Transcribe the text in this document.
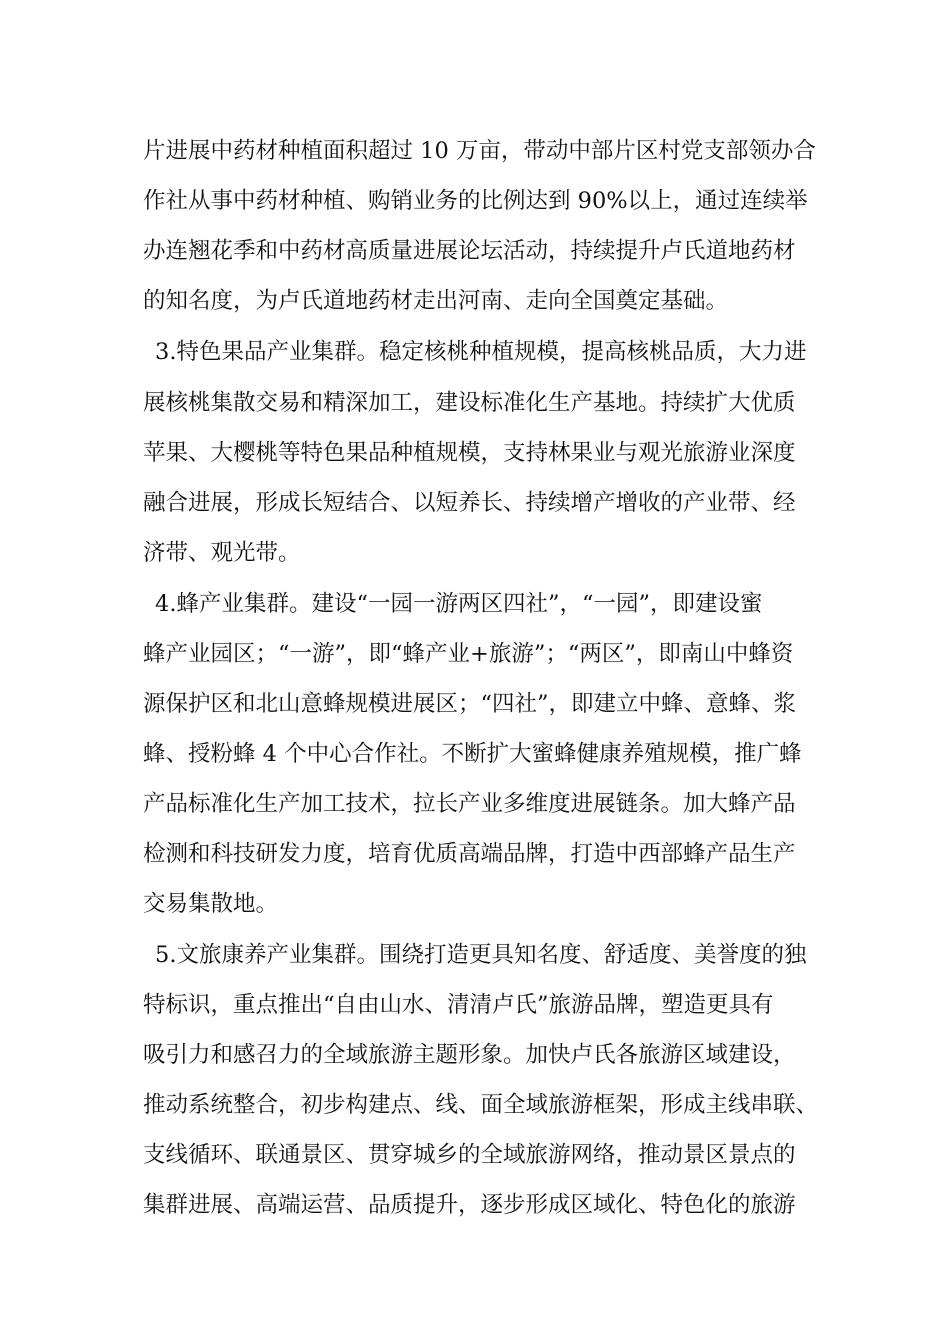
片进展中药材种植面积超过 10 万亩，带动中部片区村党支部领办合
作社从事中药材种植、购销业务的比例达到 90%以上，通过连续举
办连翘花季和中药材高质量进展论坛活动，持续提升卢氏道地药材
的知名度，为卢氏道地药材走出河南、走向全国奠定基础。
3.特色果品产业集群。稳定核桃种植规模，提高核桃品质，大力进
展核桃集散交易和精深加工，建设标准化生产基地。持续扩大优质
苹果、大樱桃等特色果品种植规模，支持林果业与观光旅游业深度
融合进展，形成长短结合、以短养长、持续增产增收的产业带、经
济带、观光带。
4.蜂产业集群。建设“一园一游两区四社”，“一园”，即建设蜜
蜂产业园区；“一游”，即“蜂产业+旅游”；“两区”，即南山中蜂资
源保护区和北山意蜂规模进展区；“四社”，即建立中蜂、意蜂、浆
蜂、授粉蜂 4 个中心合作社。不断扩大蜜蜂健康养殖规模，推广蜂
产品标准化生产加工技术，拉长产业多维度进展链条。加大蜂产品
检测和科技研发力度，培育优质高端品牌，打造中西部蜂产品生产
交易集散地。
5.文旅康养产业集群。围绕打造更具知名度、舒适度、美誉度的独
特标识，重点推出“自由山水、清清卢氏”旅游品牌，塑造更具有
吸引力和感召力的全域旅游主题形象。加快卢氏各旅游区域建设，
推动系统整合，初步构建点、线、面全域旅游框架，形成主线串联、
支线循环、联通景区、贯穿城乡的全域旅游网络，推动景区景点的
集群进展、高端运营、品质提升，逐步形成区域化、特色化的旅游
